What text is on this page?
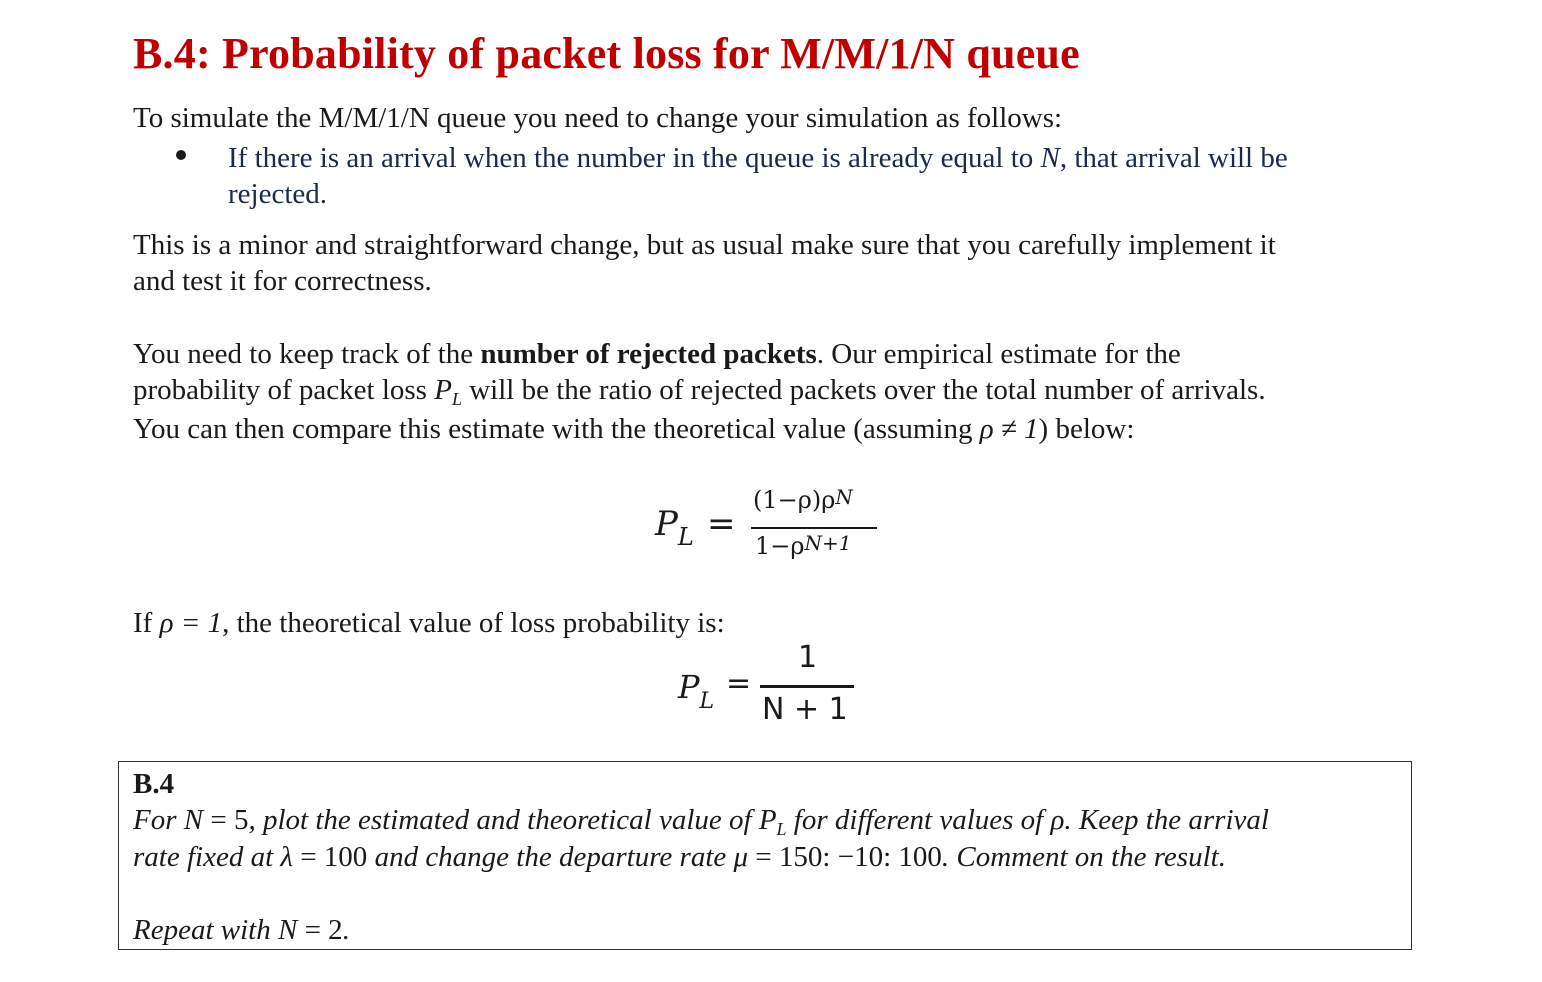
B.4: Probability of packet loss for M/M/1/N queue
To simulate the M/M/1/N queue you need to change your simulation as follows:
If there is an arrival when the number in the queue is already equal to N, that arrival will be
rejected.
This is a minor and straightforward change, but as usual make sure that you carefully implement it
and test it for correctness.
You need to keep track of the number of rejected packets. Our empirical estimate for the
probability of packet loss $P_L$ will be the ratio of rejected packets over the total number of arrivals.
You can then compare this estimate with the theoretical value (assuming ρ ≠ 1) below:
$P_L$ =
$(1-\rho)\rho^N$
$1-\rho^{N+1}$
If ρ = 1, the theoretical value of loss probability is:
$P_L$
=
1
N + 1
B.4
For N = 5, plot the estimated and theoretical value of $P_L$ for different values of ρ. Keep the arrival
rate fixed at λ = 100 and change the departure rate μ = 150: −10: 100. Comment on the result.
Repeat with N = 2.
